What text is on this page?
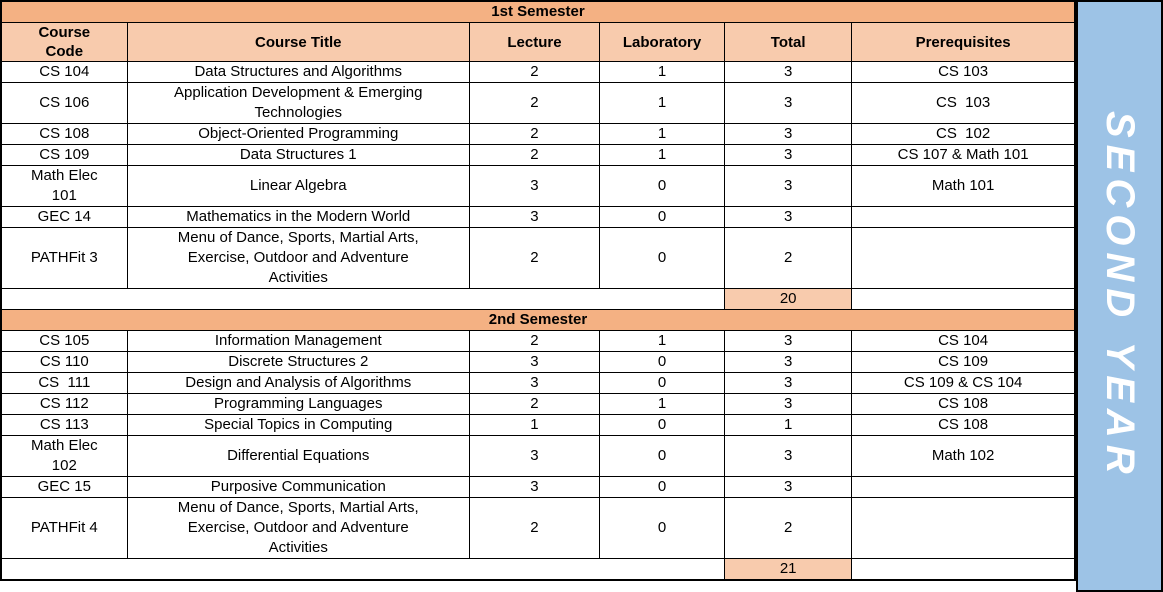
1st Semester					
Course
Code	Course Title	Lecture	Laboratory	Total	Prerequisites
CS 104	Data Structures and Algorithms	2	1	3	CS 103
CS 106	Application Development & Emerging
Technologies	2	1	3	CS  103
CS 108	Object-Oriented Programming	2	1	3	CS  102
CS 109	Data Structures 1	2	1	3	CS 107 & Math 101
Math Elec
101	Linear Algebra	3	0	3	Math 101
GEC 14	Mathematics in the Modern World	3	0	3	
PATHFit 3	Menu of Dance, Sports, Martial Arts,
Exercise, Outdoor and Adventure
Activities	2	0	2	
				20	
2nd Semester					
CS 105	Information Management	2	1	3	CS 104
CS 110	Discrete Structures 2	3	0	3	CS 109
CS  111	Design and Analysis of Algorithms	3	0	3	CS 109 & CS 104
CS 112	Programming Languages	2	1	3	CS 108
CS 113	Special Topics in Computing	1	0	1	CS 108
Math Elec
102	Differential Equations	3	0	3	Math 102
GEC 15	Purposive Communication	3	0	3	
PATHFit 4	Menu of Dance, Sports, Martial Arts,
Exercise, Outdoor and Adventure
Activities	2	0	2	
				21	
SECOND YEAR
